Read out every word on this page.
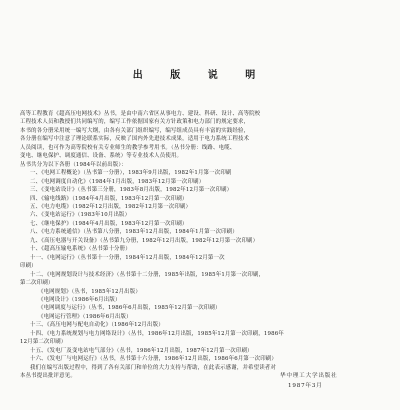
出 版 说 明
高等工程教育《超高压电网技术》丛书，是由中南六省区从事电力、建设、科研、设计、高等院校
工程技术人员和教授们共同编写的，编写工作依据国家有关方针政策和电力部门的规定要求，
本书的各分册采用统一编写大纲，由各有关部门组织编写，编写组成员具有丰富的实践经验，
各分册在编写中注意了理论联系实际，反映了国内外先进技术成果，适用于电力系统工程技术
人员阅读，也可作为高等院校有关专业师生的教学参考用书。（丛书分册：线路、电缆、
变电、继电保护、调度通信、设备、系统）等专业技术人员使用。
丛书共分为以下各册（1984年以前出版）：
一、《电网工程概论》（丛书第一分册），1983年9月出版，1982年1月第一次印刷
二、《电网调度自动化》（1984年1月出版，1983年12月第一次印刷）
三、《变电站设计》（丛书第三分册，1983年8月出版，1982年12月第一次印刷）
四、《输电线路》（1984年4月出版，1983年12月第一次印刷）
五、《电力电缆》（1982年12月出版，1982年12月第一次印刷）
六、《变电站运行》（1983年10月出版）
七、《继电保护》（1984年4月出版，1983年12月第一次印刷）
八、《电力系统通信》（丛书第八分册，1983年12月出版，1984年1月第一次印刷）
九、《高压电器与开关设备》（丛书第九分册，1982年12月出版，1982年12月第一次印刷）
十、《超高压输电系统》（丛书第十分册）
十一、《电网运行》（丛书第十一分册，1984年12月出版，1984年12月第一次
印刷）
十二、《电网规划设计与技术经济》（丛书第十二分册，1985年出版，1985年1月第一次印刷，
第二次印刷）
《电网规划》（丛书，1985年12月出版）
《电网设计》（1986年6月出版）
《电网调度与运行》（丛书，1986年6月出版，1985年12月第一次印刷）
《电网运行管理》（1986年6月出版）
十三、《高压电网与配电自动化》（1986年12月出版）
十四、《电力系统规划与电力网络设计》（丛书，1986年12月出版，1985年12月第一次印刷，1986年
12月第二次印刷）
十五、《发电厂及变电站电气部分》（丛书，1986年12月出版，1987年12月第一次印刷）
十六、《发电厂与电网运行》（丛书，丛书第十六分册，1986年12月出版，1986年6月第一次印刷）
我们在编写出版过程中，得到了各有关部门和单位的大力支持与帮助，在此表示感谢，并希望读者对
本丛书提出批评意见。	华中理工大学出版社
1987年3月
